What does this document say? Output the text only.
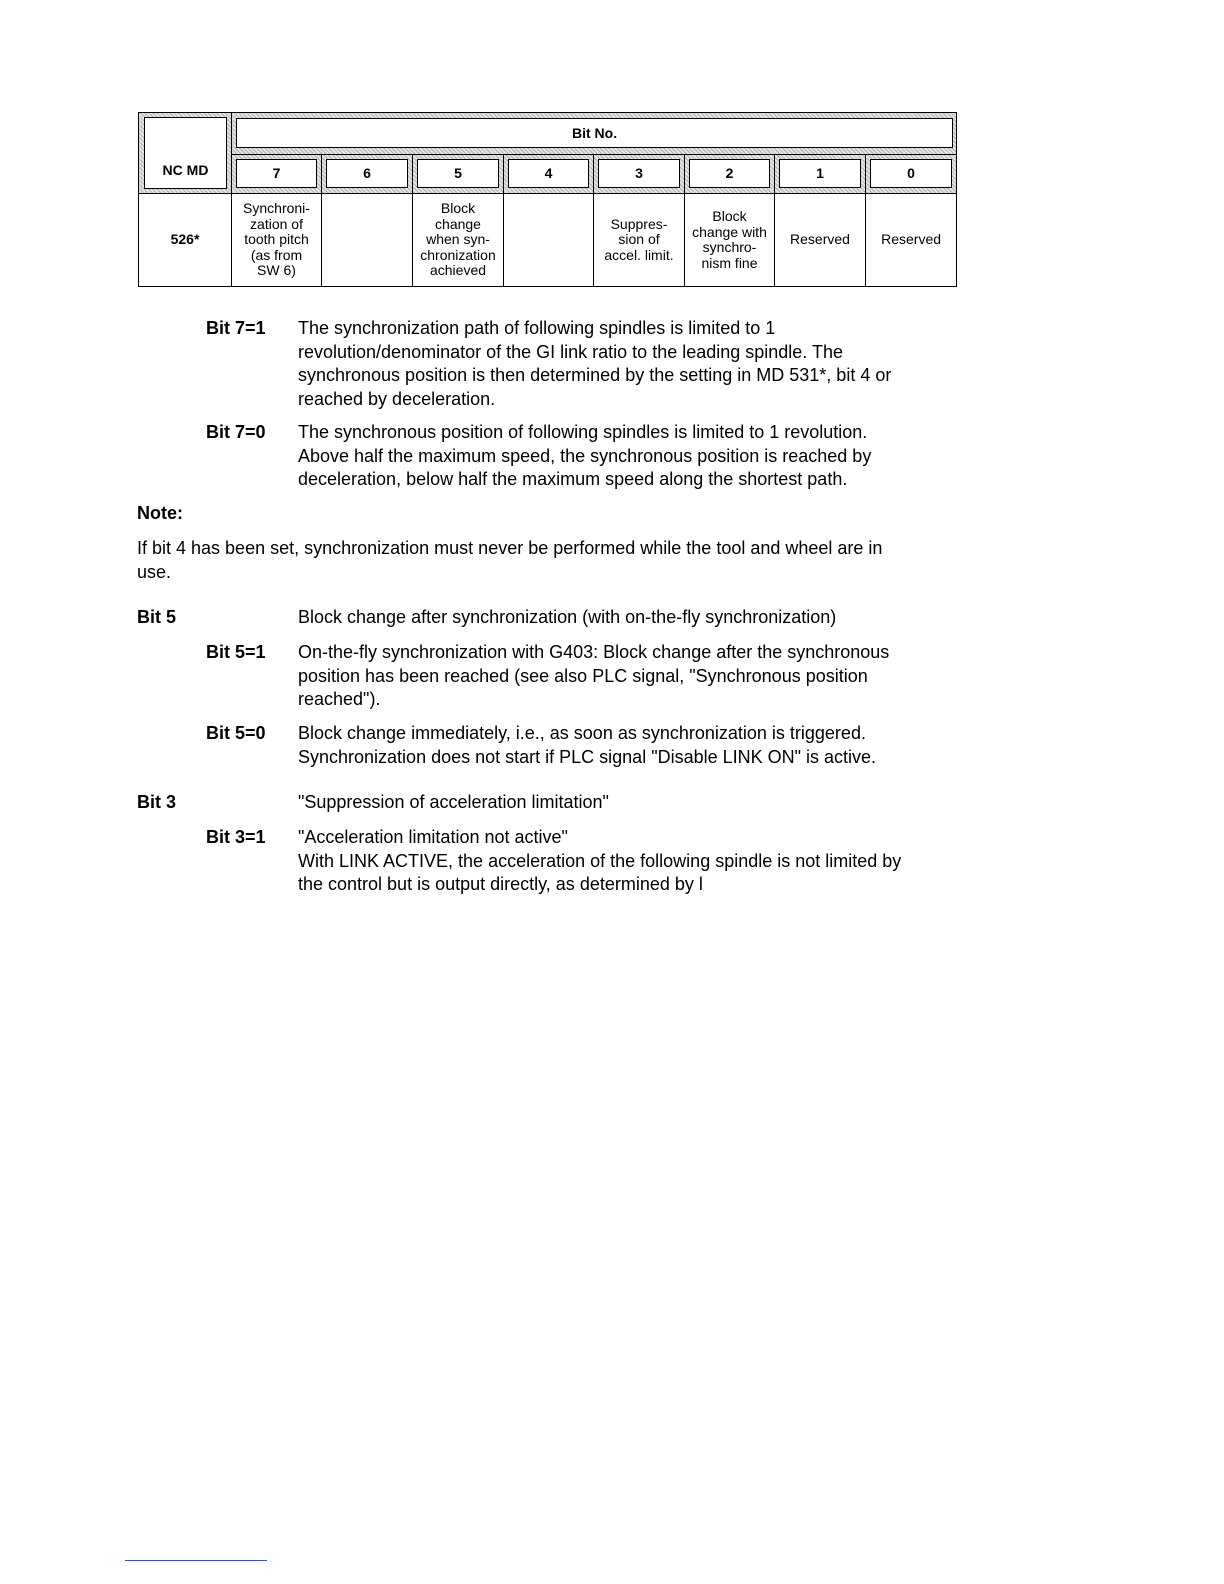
NC MD	Bit No.							

7	6	5	4	3	2	1	0

526*	Synchroni-
zation of
tooth pitch
(as from
SW 6)		Block
change
when syn-
chronization
achieved		Suppres-
sion of
accel. limit.	Block
change with
synchro-
nism fine	Reserved	Reserved
Bit 7=1 The synchronization path of following spindles is limited to 1
revolution/denominator of the GI link ratio to the leading spindle. The
synchronous position is then determined by the setting in MD 531*, bit 4 or
reached by deceleration.
Bit 7=0 The synchronous position of following spindles is limited to 1 revolution.
Above half the maximum speed, the synchronous position is reached by
deceleration, below half the maximum speed along the shortest path.
Note:
If bit 4 has been set, synchronization must never be performed while the tool and wheel are in
use.
Bit 5	Block change after synchronization (with on-the-fly synchronization)
Bit 5=1 On-the-fly synchronization with G403: Block change after the synchronous
position has been reached (see also PLC signal, "Synchronous position
reached").
Bit 5=0 Block change immediately, i.e., as soon as synchronization is triggered.
Synchronization does not start if PLC signal "Disable LINK ON" is active.
Bit 3	"Suppression of acceleration limitation"
Bit 3=1 "Acceleration limitation not active"
With LINK ACTIVE, the acceleration of the following spindle is not limited by
the control but is output directly, as determined by l
